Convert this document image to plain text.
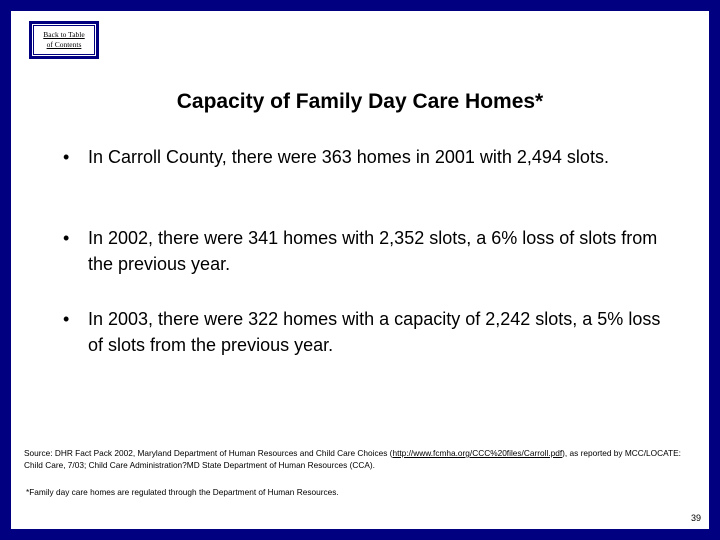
Back to Table
of Contents
Capacity of Family Day Care Homes*
• In Carroll County, there were 363 homes in 2001 with 2,494 slots.
• In 2002, there were 341 homes with 2,352 slots, a 6% loss of slots from the previous year.
• In 2003, there were 322 homes with a capacity of 2,242 slots, a 5% loss of slots from the previous year.
Source: DHR Fact Pack 2002, Maryland Department of Human Resources and Child Care Choices (http://www.fcmha.org/CCC%20files/Carroll.pdf), as reported by MCC/LOCATE: Child Care, 7/03; Child Care Administration?MD State Department of Human Resources (CCA).
*Family day care homes are regulated through the Department of Human Resources.
39
